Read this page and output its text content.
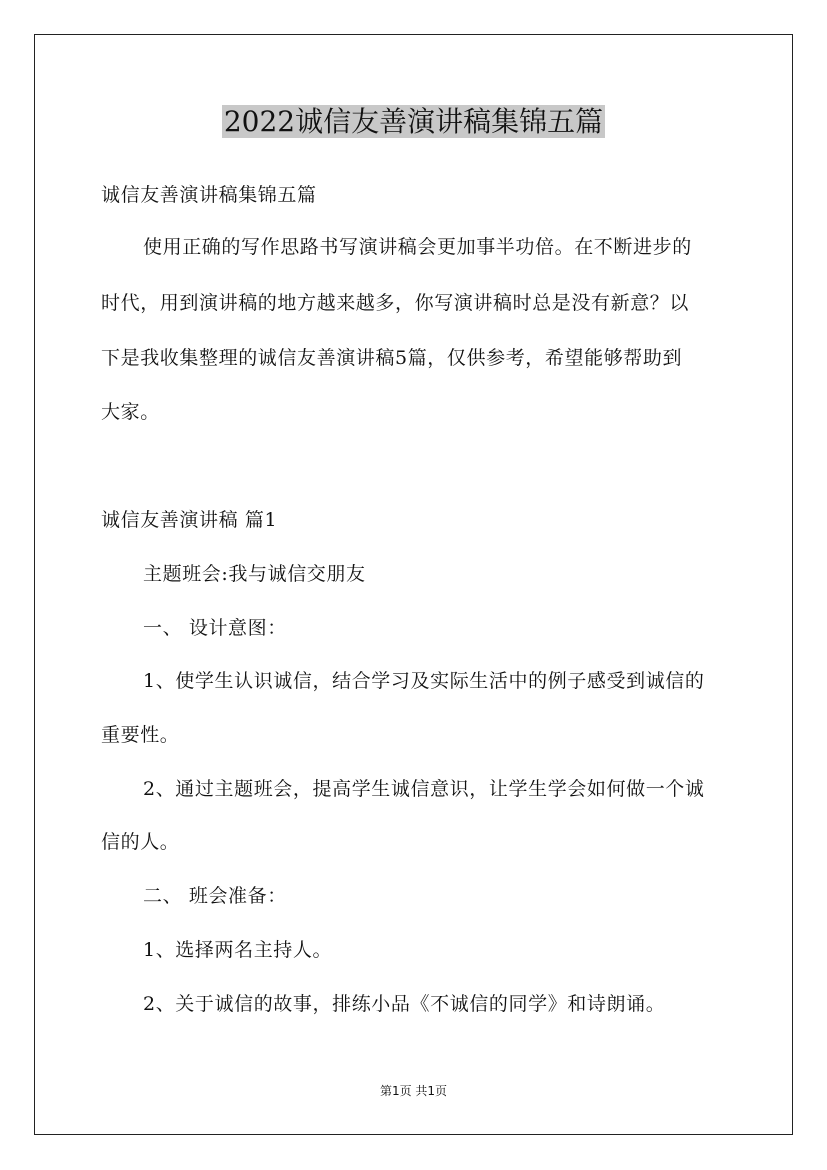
2022诚信友善演讲稿集锦五篇
诚信友善演讲稿集锦五篇
使用正确的写作思路书写演讲稿会更加事半功倍。在不断进步的
时代，用到演讲稿的地方越来越多，你写演讲稿时总是没有新意？以
下是我收集整理的诚信友善演讲稿5篇，仅供参考，希望能够帮助到
大家。
诚信友善演讲稿 篇1
主题班会:我与诚信交朋友
一、 设计意图：
1、使学生认识诚信，结合学习及实际生活中的例子感受到诚信的
重要性。
2、通过主题班会，提高学生诚信意识，让学生学会如何做一个诚
信的人。
二、 班会准备：
1、选择两名主持人。
2、关于诚信的故事，排练小品《不诚信的同学》和诗朗诵。
第1页 共1页
